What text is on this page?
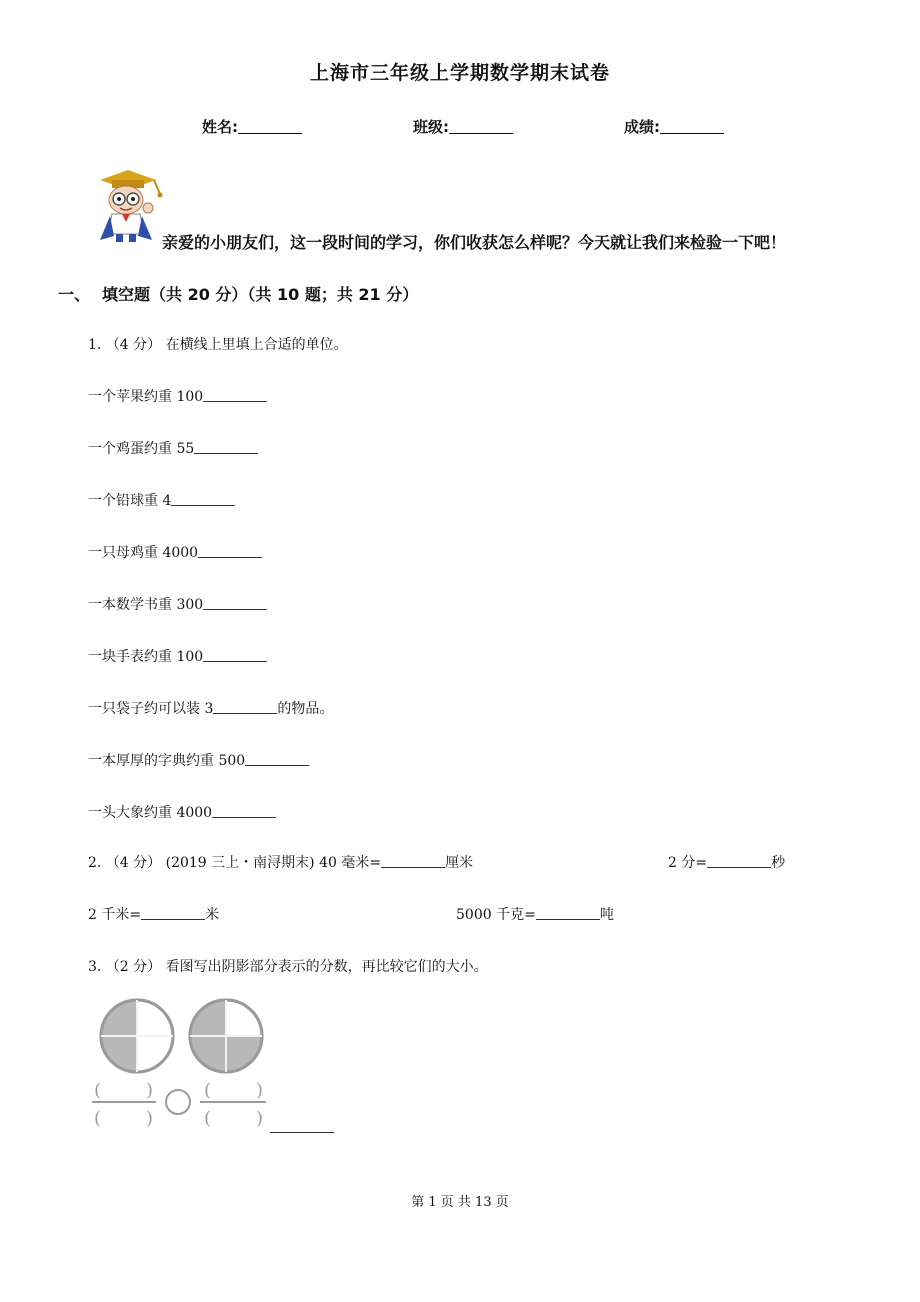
上海市三年级上学期数学期末试卷
姓名:	班级:	成绩:
亲爱的小朋友们，这一段时间的学习，你们收获怎么样呢？今天就让我们来检验一下吧！
一、 填空题（共 20 分）（共 10 题；共 21 分）
1. （4 分） 在横线上里填上合适的单位。
一个苹果约重 100
一个鸡蛋约重 55
一个铅球重 4
一只母鸡重 4000
一本数学书重 300
一块手表约重 100
一只袋子约可以装 3	的物品。
一本厚厚的字典约重 500
一头大象约重 4000
2. （4 分） (2019 三上・南浔期末) 40 毫米=	厘米	2 分=	秒
2 千米=	米	5000 千克=	吨
3. （2 分） 看图写出阴影部分表示的分数，再比较它们的大小。
( )
( )
( )
( )
第 1 页 共 13 页
